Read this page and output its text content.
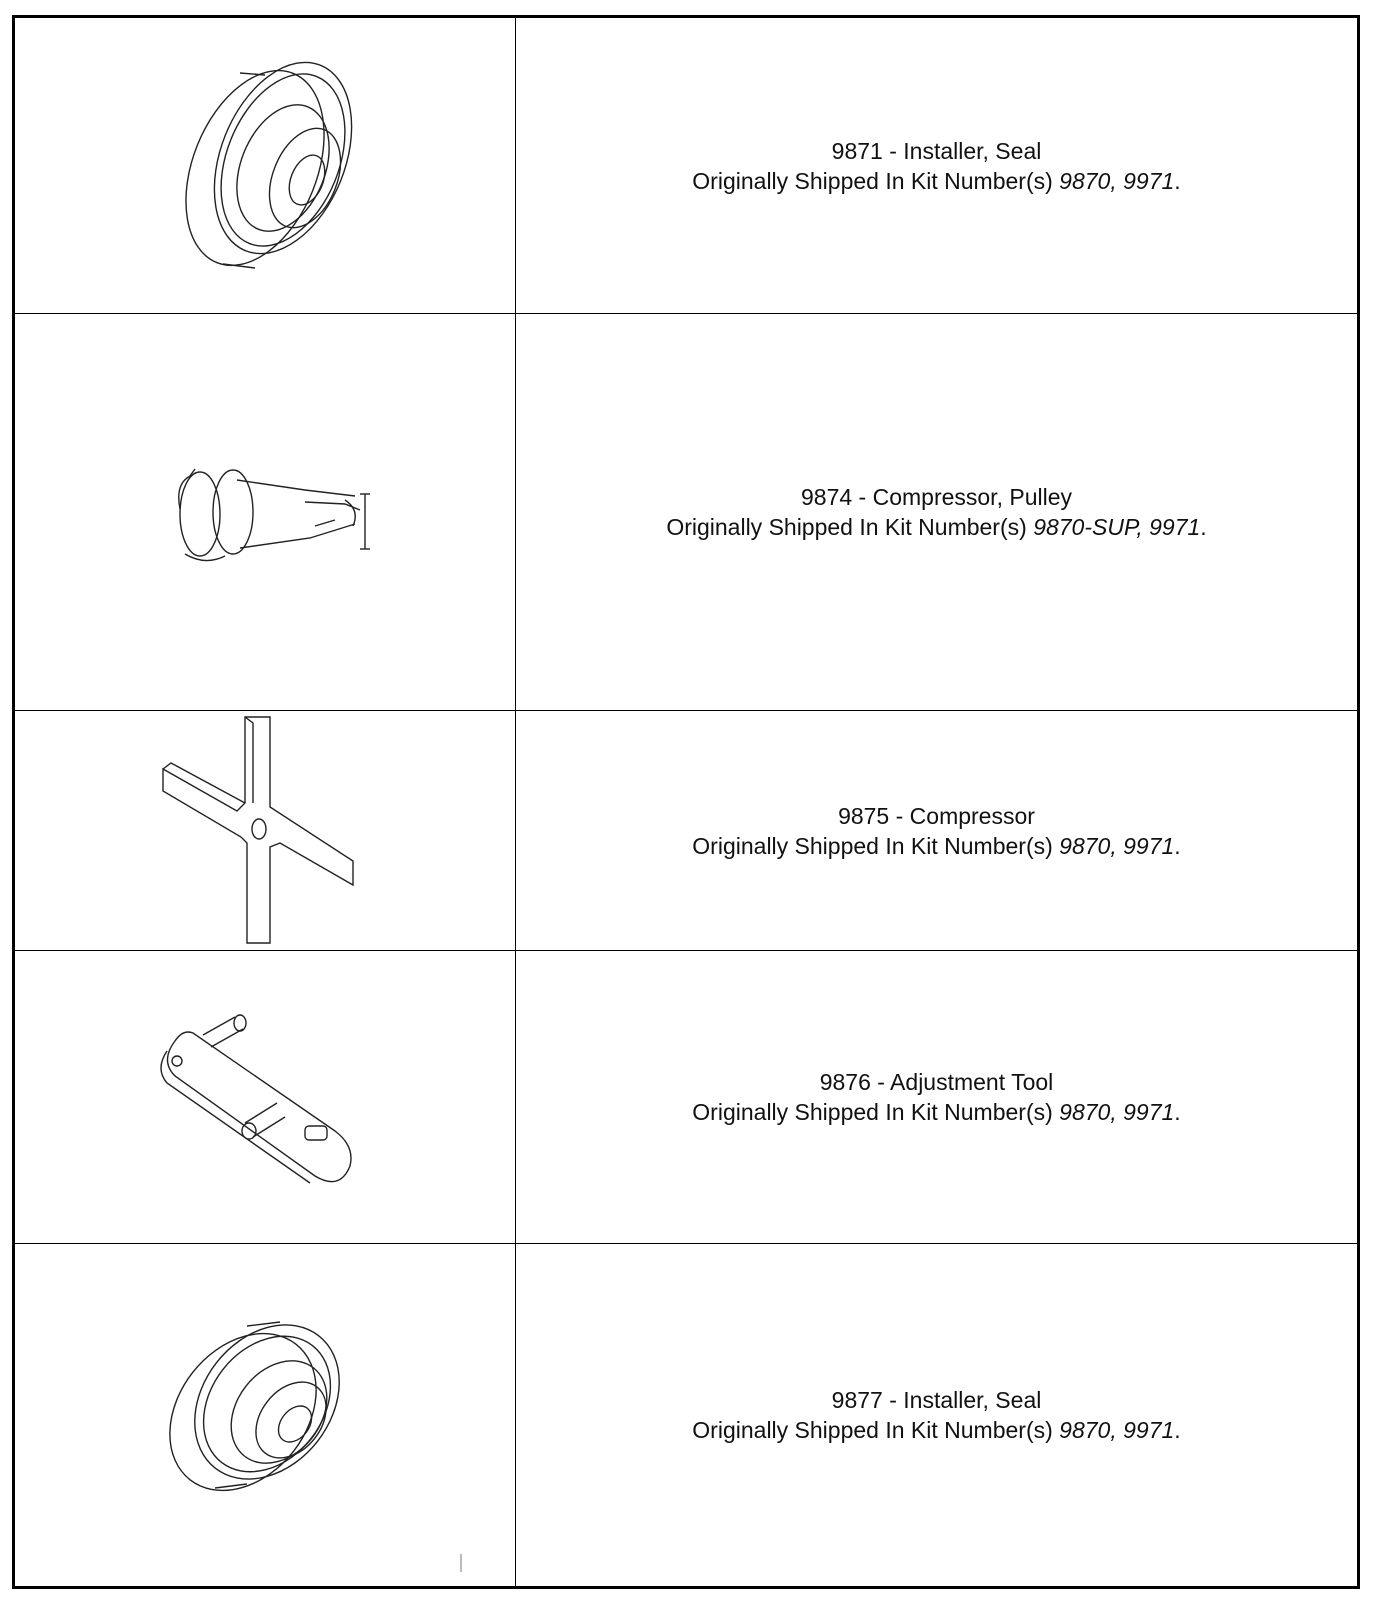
9871 - Installer, Seal
Originally Shipped In Kit Number(s) 9870, 9971.
9874 - Compressor, Pulley
Originally Shipped In Kit Number(s) 9870-SUP, 9971.
9875 - Compressor
Originally Shipped In Kit Number(s) 9870, 9971.
9876 - Adjustment Tool
Originally Shipped In Kit Number(s) 9870, 9971.
9877 - Installer, Seal
Originally Shipped In Kit Number(s) 9870, 9971.
